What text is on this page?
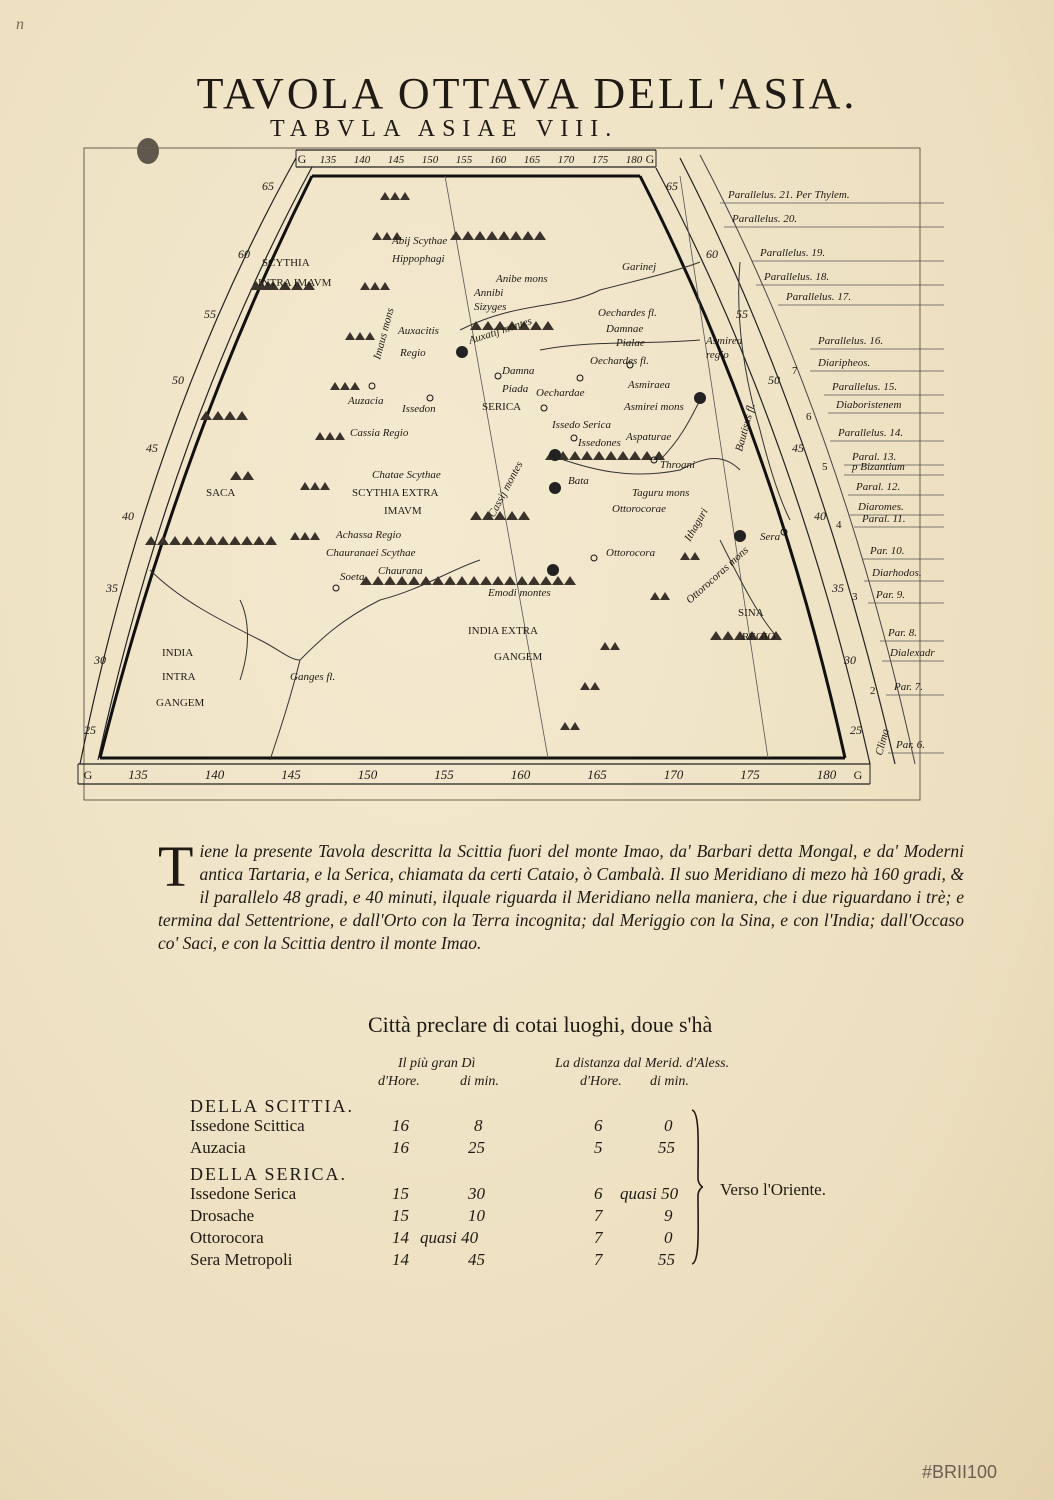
n
TAVOLA OTTAVA DELL'ASIA.
TABVLA ASIAE VIII.
135 140 145 150 155 160 165 170 175 180
135	140	145	150	155	160	165	170	175	180
65
60
55
50
45
40
35
30
25
65
60
55
50
45
40
35
30
25
7
6
5
4
3
2
Clima
Parallelus. 21. Per Thylem.
Parallelus. 20.
Parallelus. 19.
Parallelus. 18.
Parallelus. 17.
Parallelus. 16.
Diaripheos.
Parallelus. 15.
Diaboristenem
Parallelus. 14.
Paral. 13.
p Bizantium
Paral. 12.
Diaromes.
Paral. 11.
Par. 10.
Diarhodos.
Par. 9.
Par. 8.
Dialexadr
Par. 7.
Par. 6.
SCYTHIA
INTRA IMAVM
Abij Scythae
Hippophagi
Anibe mons
Garinej
Annibi
Sizyges
Imaus mons Auxacitis
Regio
Auxatij montes
Oechardes fl.
Damnae
Pialae	Asmirea
regio
Damna
Piada
SERICA
Oechardes fl.
Oechardae
Asmiraea
Asmirei mons
Auzacia
Issedon
Cassia Regio
Issedo Serica
Issedones Aspaturae
Throani
Bautisus fl.
Chatae Scythae
SCYTHIA EXTRA
IMAVM	Cassij montes	Bata
Taguru mons
Ottorocorae Ithaguri
SACA
Achassa Regio
Chauranaei Scythae
Sera
Ottorocora
Soeta Chaurana
Emodi montes	Ottorocoras mons
SINA
REGIO
INDIA
INTRA
GANGEM
INDIA EXTRA
GANGEM
Ganges fl.
G	G
G	G
Tiene la presente Tavola descritta la Scittia fuori del monte Imao, da' Barbari detta Mongal, e da' Moderni antica Tartaria, e la Serica, chiamata da certi Cataio, ò Cambalà. Il suo Meridiano di mezo hà 160 gradi, & il parallelo 48 gradi, e 40 minuti, ilquale riguarda il Meridiano nella maniera, che i due riguardano i trè; e termina dal Settentrione, e dall'Orto con la Terra incognita; dal Meriggio con la Sina, e con l'India; dall'Occaso co' Saci, e con la Scittia dentro il monte Imao.
Città preclare di cotai luoghi, doue s'hà
Il più gran Dì	La distanza dal Merid. d'Aless.
d'Hore.	di min.	d'Hore. di min.
DELLA SCITTIA.
Issedone Scittica	16	8	6	0
Auzacia	16	25	5	55
DELLA SERICA.
Issedone Serica	15	30	6 quasi 50
Drosache	15	10	7	9
Ottorocora	14 quasi 40	7	0
Sera Metropoli	14	45	7	55
Verso l'Oriente.
#BRII100
